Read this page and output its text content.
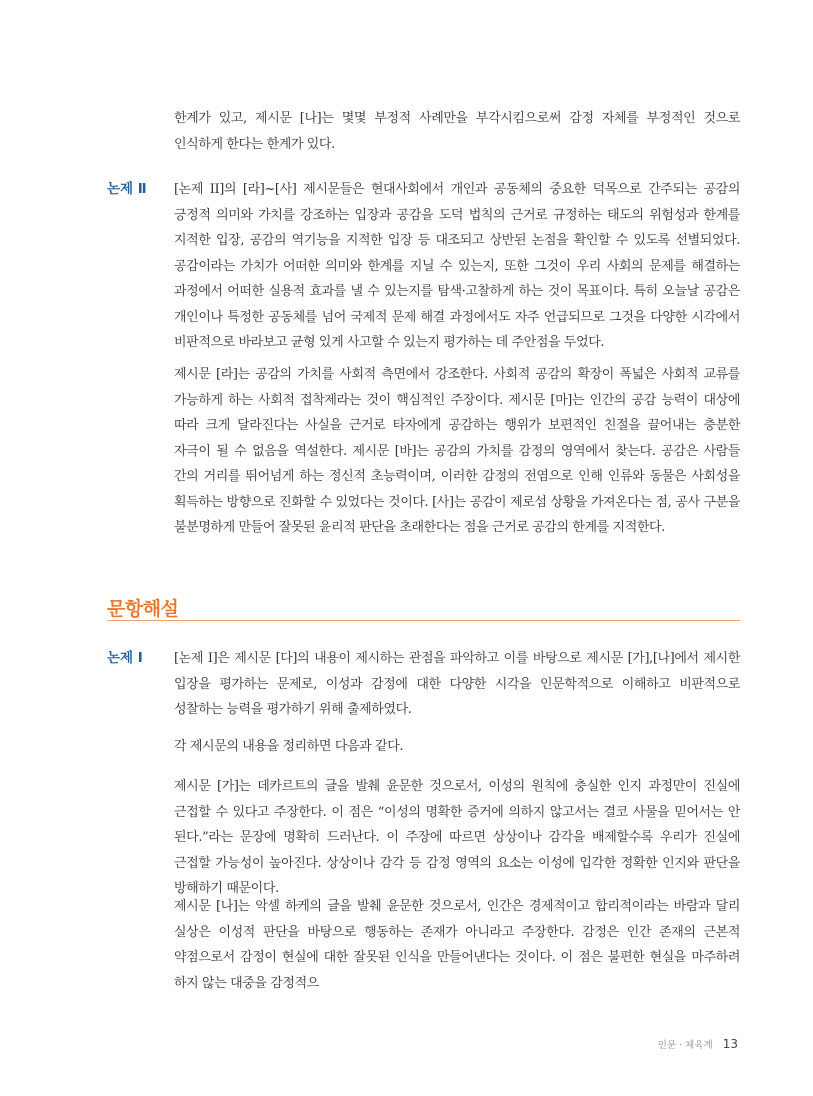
한계가 있고, 제시문 [나]는 몇몇 부정적 사례만을 부각시킴으로써 감정 자체를 부정적인 것으로 인식하게 한다는 한계가 있다.

논제 Ⅱ [논제 II]의 [라]~[사] 제시문들은 현대사회에서 개인과 공동체의 중요한 덕목으로 간주되는 공감의 긍정적 의미와 가치를 강조하는 입장과 공감을 도덕 법칙의 근거로 규정하는 태도의 위험성과 한계를 지적한 입장, 공감의 역기능을 지적한 입장 등 대조되고 상반된 논점을 확인할 수 있도록 선별되었다. 공감이라는 가치가 어떠한 의미와 한계를 지닐 수 있는지, 또한 그것이 우리 사회의 문제를 해결하는 과정에서 어떠한 실용적 효과를 낼 수 있는지를 탐색·고찰하게 하는 것이 목표이다. 특히 오늘날 공감은 개인이나 특정한 공동체를 넘어 국제적 문제 해결 과정에서도 자주 언급되므로 그것을 다양한 시각에서 비판적으로 바라보고 균형 있게 사고할 수 있는지 평가하는 데 주안점을 두었다.

제시문 [라]는 공감의 가치를 사회적 측면에서 강조한다. 사회적 공감의 확장이 폭넓은 사회적 교류를 가능하게 하는 사회적 접착제라는 것이 핵심적인 주장이다. 제시문 [마]는 인간의 공감 능력이 대상에 따라 크게 달라진다는 사실을 근거로 타자에게 공감하는 행위가 보편적인 친절을 끌어내는 충분한 자극이 될 수 없음을 역설한다. 제시문 [바]는 공감의 가치를 감정의 영역에서 찾는다. 공감은 사람들 간의 거리를 뛰어넘게 하는 정신적 초능력이며, 이러한 감정의 전염으로 인해 인류와 동물은 사회성을 획득하는 방향으로 진화할 수 있었다는 것이다. [사]는 공감이 제로섬 상황을 가져온다는 점, 공사 구분을 불분명하게 만들어 잘못된 윤리적 판단을 초래한다는 점을 근거로 공감의 한계를 지적한다.

문항해설
논제 Ⅰ [논제 I]은 제시문 [다]의 내용이 제시하는 관점을 파악하고 이를 바탕으로 제시문 [가],[나]에서 제시한 입장을 평가하는 문제로, 이성과 감정에 대한 다양한 시각을 인문학적으로 이해하고 비판적으로 성찰하는 능력을 평가하기 위해 출제하였다.

각 제시문의 내용을 정리하면 다음과 같다.

제시문 [가]는 데카르트의 글을 발췌 윤문한 것으로서, 이성의 원칙에 충실한 인지 과정만이 진실에 근접할 수 있다고 주장한다. 이 점은 “이성의 명확한 증거에 의하지 않고서는 결코 사물을 믿어서는 안 된다.”라는 문장에 명확히 드러난다. 이 주장에 따르면 상상이나 감각을 배제할수록 우리가 진실에 근접할 가능성이 높아진다. 상상이나 감각 등 감정 영역의 요소는 이성에 입각한 정확한 인지와 판단을 방해하기 때문이다.

제시문 [나]는 악셀 하케의 글을 발췌 윤문한 것으로서, 인간은 경제적이고 합리적이라는 바람과 달리 실상은 이성적 판단을 바탕으로 행동하는 존재가 아니라고 주장한다. 감정은 인간 존재의 근본적 약점으로서 감정이 현실에 대한 잘못된 인식을 만들어낸다는 것이다. 이 점은 불편한 현실을 마주하려 하지 않는 대중을 감정적으

인문 · 체육계 13
